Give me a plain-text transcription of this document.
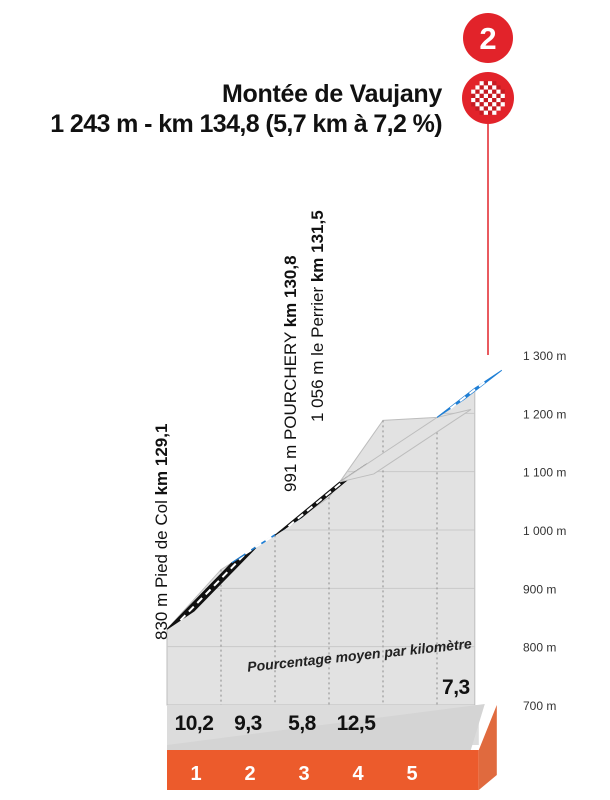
Montée de Vaujany
1 243 m - km 134,8 (5,7 km à 7,2 %)
1 300 m
1 200 m
1 100 m
1 000 m
900 m
800 m
700 m
1 2 3 4 5
10,2 9,3 5,8 12,5
7,3
Pourcentage moyen par kilomètre
830 m Pied de Col km 129,1	991 m POURCHERY km 130,8 1 056 m le Perrier km 131,5
2
